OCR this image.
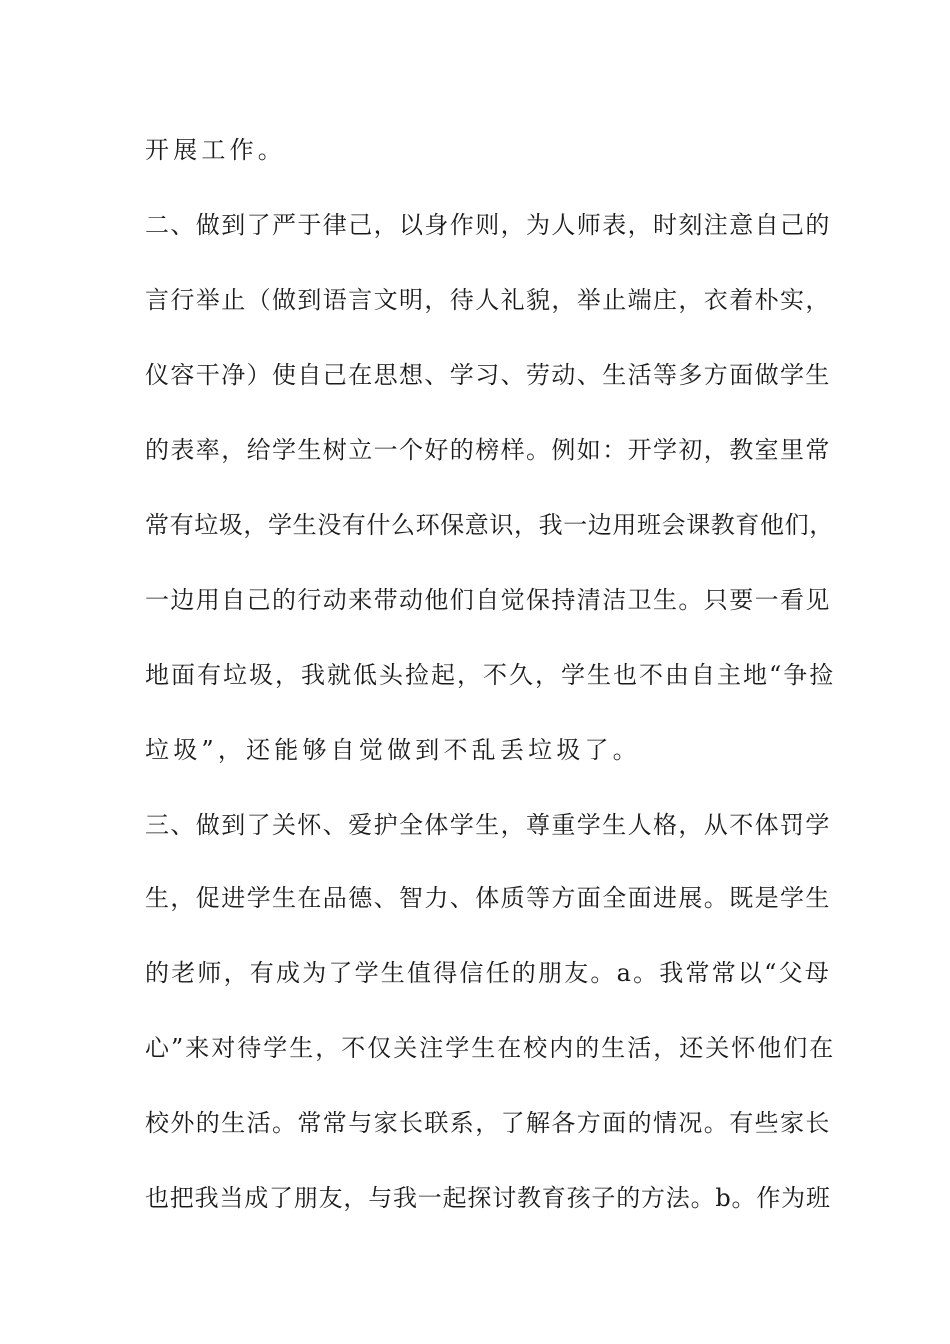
开展工作。
二、做到了严于律己，以身作则，为人师表，时刻注意自己的
言行举止（做到语言文明，待人礼貌，举止端庄，衣着朴实，
仪容干净）使自己在思想、学习、劳动、生活等多方面做学生
的表率，给学生树立一个好的榜样。例如：开学初，教室里常
常有垃圾，学生没有什么环保意识，我一边用班会课教育他们，
一边用自己的行动来带动他们自觉保持清洁卫生。只要一看见
地面有垃圾，我就低头捡起，不久，学生也不由自主地“争捡
垃圾”，还能够自觉做到不乱丢垃圾了。
三、做到了关怀、爱护全体学生，尊重学生人格，从不体罚学
生，促进学生在品德、智力、体质等方面全面进展。既是学生
的老师，有成为了学生值得信任的朋友。a。我常常以“父母
心”来对待学生，不仅关注学生在校内的生活，还关怀他们在
校外的生活。常常与家长联系，了解各方面的情况。有些家长
也把我当成了朋友，与我一起探讨教育孩子的方法。b。作为班
